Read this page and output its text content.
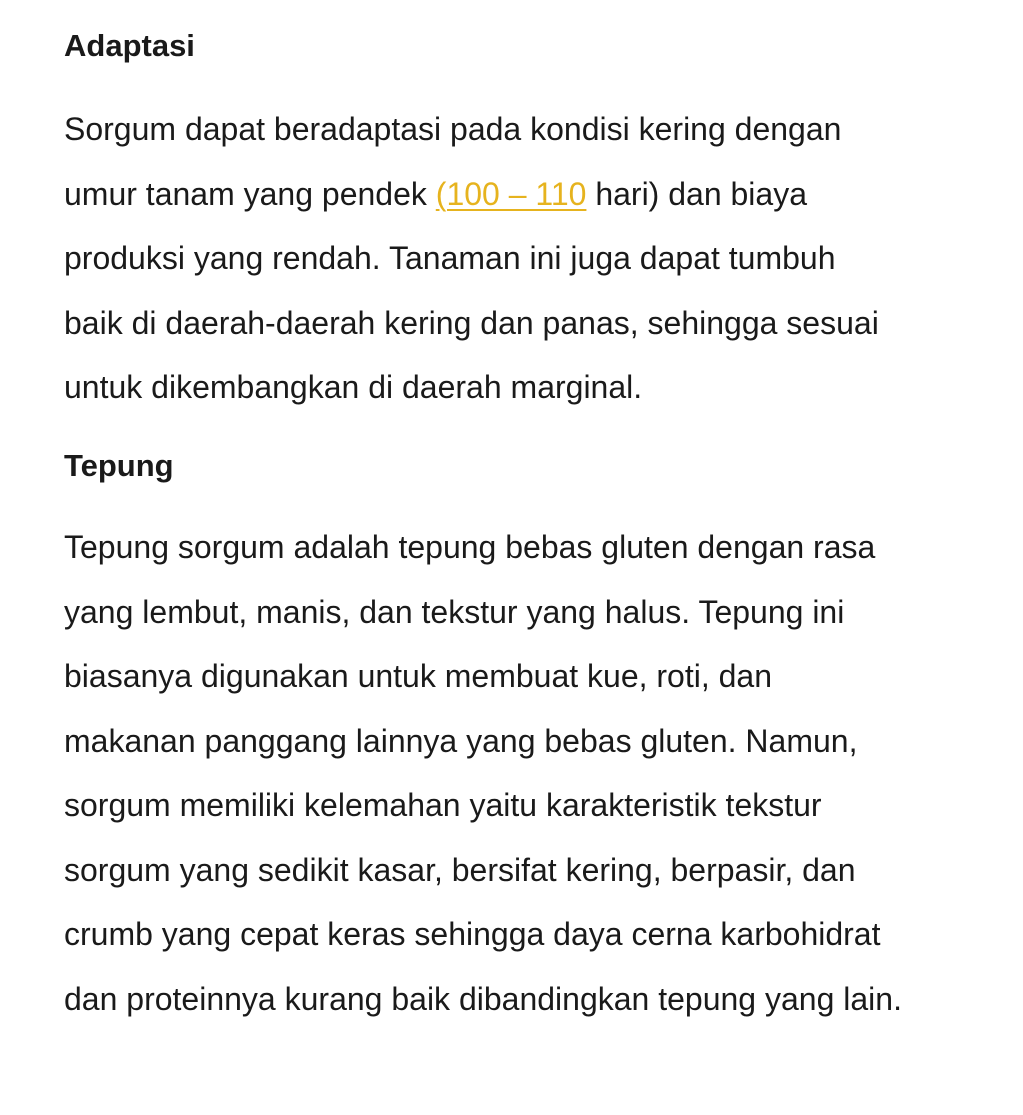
Adaptasi

Sorgum dapat beradaptasi pada kondisi kering dengan
umur tanam yang pendek (100 – 110 hari) dan biaya
produksi yang rendah. Tanaman ini juga dapat tumbuh
baik di daerah-daerah kering dan panas, sehingga sesuai
untuk dikembangkan di daerah marginal.

Tepung

Tepung sorgum adalah tepung bebas gluten dengan rasa
yang lembut, manis, dan tekstur yang halus. Tepung ini
biasanya digunakan untuk membuat kue, roti, dan
makanan panggang lainnya yang bebas gluten. Namun,
sorgum memiliki kelemahan yaitu karakteristik tekstur
sorgum yang sedikit kasar, bersifat kering, berpasir, dan
crumb yang cepat keras sehingga daya cerna karbohidrat
dan proteinnya kurang baik dibandingkan tepung yang lain.
